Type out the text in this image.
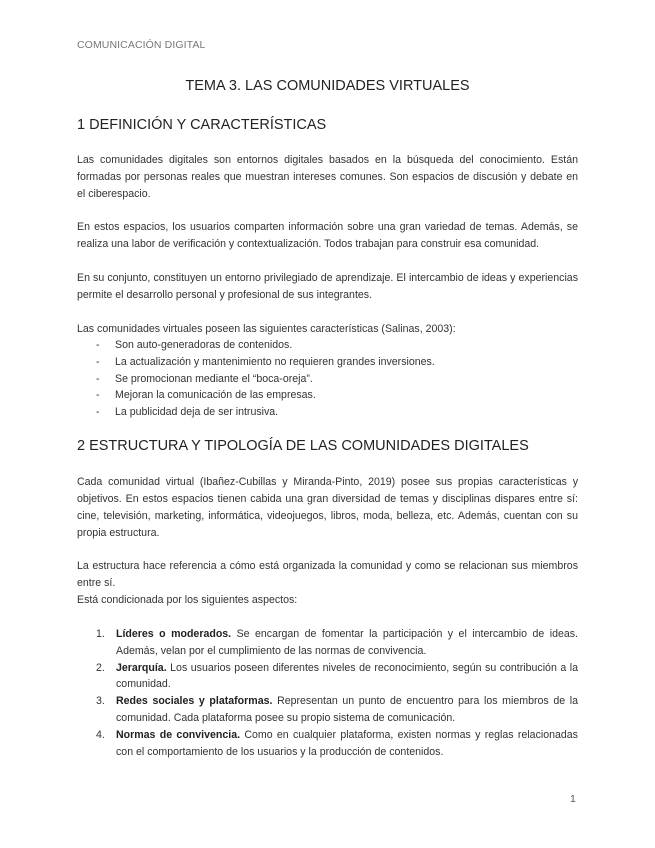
COMUNICACIÓN DIGITAL
TEMA 3. LAS COMUNIDADES VIRTUALES
1 DEFINICIÓN Y CARACTERÍSTICAS
Las comunidades digitales son entornos digitales basados en la búsqueda del conocimiento. Están formadas por personas reales que muestran intereses comunes. Son espacios de discusión y debate en el ciberespacio.
En estos espacios, los usuarios comparten información sobre una gran variedad de temas. Además, se realiza una labor de verificación y contextualización. Todos trabajan para construir esa comunidad.
En su conjunto, constituyen un entorno privilegiado de aprendizaje. El intercambio de ideas y experiencias permite el desarrollo personal y profesional de sus integrantes.
Las comunidades virtuales poseen las siguientes características (Salinas, 2003):
- Son auto-generadoras de contenidos.
- La actualización y mantenimiento no requieren grandes inversiones.
- Se promocionan mediante el “boca-oreja”.
- Mejoran la comunicación de las empresas.
- La publicidad deja de ser intrusiva.
2 ESTRUCTURA Y TIPOLOGÍA DE LAS COMUNIDADES DIGITALES
Cada comunidad virtual (Ibañez-Cubillas y Miranda-Pinto, 2019) posee sus propias características y objetivos. En estos espacios tienen cabida una gran diversidad de temas y disciplinas dispares entre sí: cine, televisión, marketing, informática, videojuegos, libros, moda, belleza, etc. Además, cuentan con su propia estructura.
La estructura hace referencia a cómo está organizada la comunidad y como se relacionan sus miembros entre sí.
Está condicionada por los siguientes aspectos:
1. Líderes o moderados. Se encargan de fomentar la participación y el intercambio de ideas. Además, velan por el cumplimiento de las normas de convivencia.
2. Jerarquía. Los usuarios poseen diferentes niveles de reconocimiento, según su contribución a la comunidad.
3. Redes sociales y plataformas. Representan un punto de encuentro para los miembros de la comunidad. Cada plataforma posee su propio sistema de comunicación.
4. Normas de convivencia. Como en cualquier plataforma, existen normas y reglas relacionadas con el comportamiento de los usuarios y la producción de contenidos.
1
